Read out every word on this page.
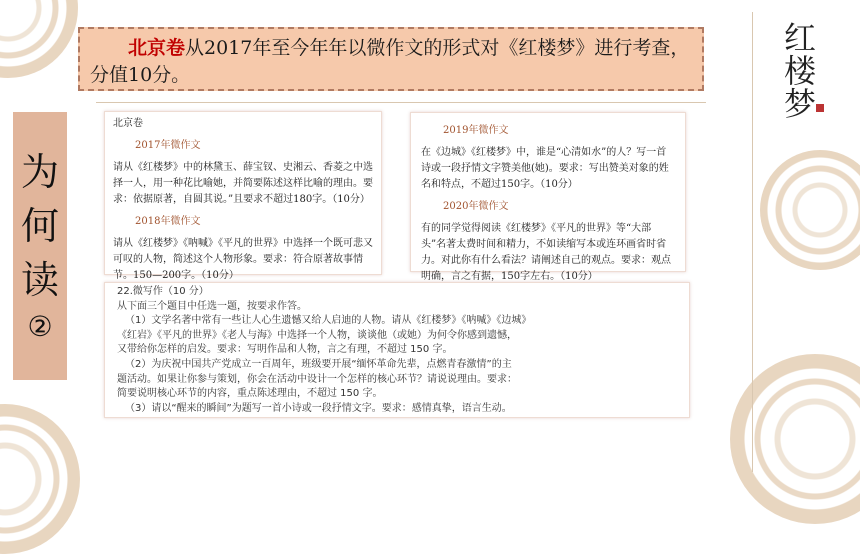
北京卷从2017年至今年年以微作文的形式对《红楼梦》进行考查，分值10分。
为
何
读
②
红
楼
梦
北京卷
2017年微作文

请从《红楼梦》中的林黛玉、薛宝钗、史湘云、香菱之中选择一人，用一种花比喻她，并简要陈述这样比喻的理由。要求：依据原著，自圆其说。”且要求不超过180字。（10分）

2018年微作文

请从《红楼梦》《呐喊》《平凡的世界》中选择一个既可悲又可叹的人物，简述这个人物形象。要求：符合原著故事情节。150—200字。（10分）

2019年微作文

在《边城》《红楼梦》中，谁是“心清如水”的人？写一首诗或一段抒情文字赞美他(她)。要求：写出赞美对象的姓名和特点，不超过150字。（10分）

2020年微作文

有的同学觉得阅读《红楼梦》《平凡的世界》等“大部头”名著太费时间和精力，不如读缩写本或连环画省时省力。对此你有什么看法？请阐述自己的观点。要求：观点明确，言之有据，150字左右。（10分）

22.微写作（10 分）

从下面三个题目中任选一题，按要求作答。

（1）文学名著中常有一些让人心生遗憾又给人启迪的人物。请从《红楼梦》《呐喊》《边城》

《红岩》《平凡的世界》《老人与海》中选择一个人物，谈谈他（或她）为何令你感到遗憾，

又带给你怎样的启发。要求：写明作品和人物，言之有理，不超过 150 字。

（2）为庆祝中国共产党成立一百周年，班级要开展“缅怀革命先辈，点燃青春激情”的主

题活动。如果让你参与策划，你会在活动中设计一个怎样的核心环节？请说说理由。要求：

简要说明核心环节的内容，重点陈述理由，不超过 150 字。

（3）请以“醒来的瞬间”为题写一首小诗或一段抒情文字。要求：感情真挚，语言生动。
